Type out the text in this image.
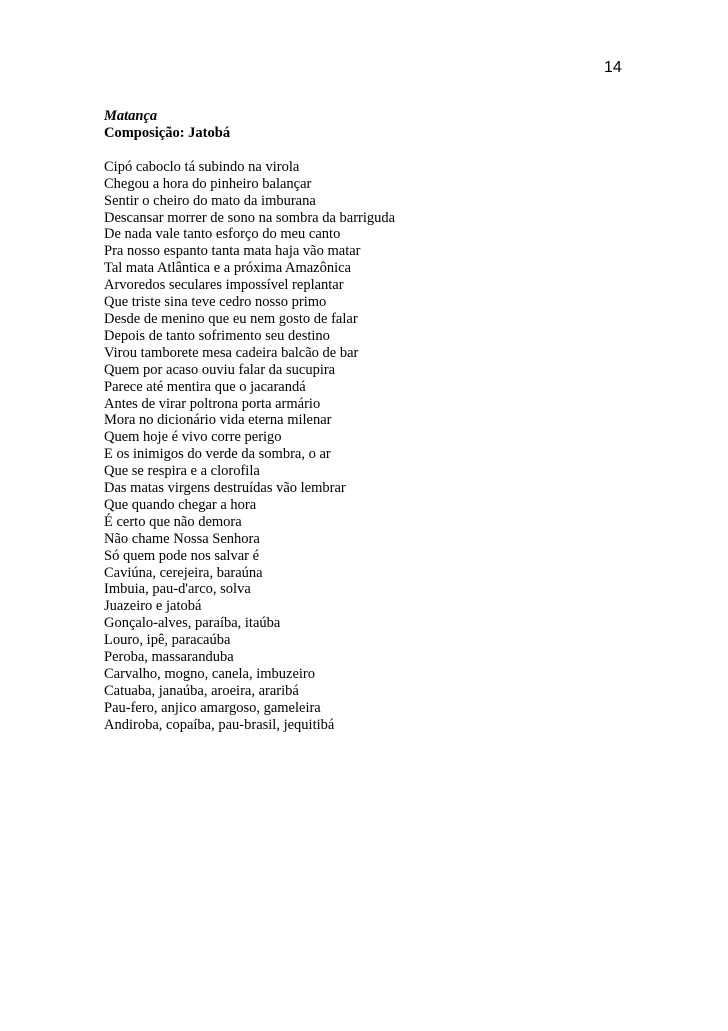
14
Matança
Composição: Jatobá
Cipó caboclo tá subindo na virola
Chegou a hora do pinheiro balançar
Sentir o cheiro do mato da imburana
Descansar morrer de sono na sombra da barriguda
De nada vale tanto esforço do meu canto
Pra nosso espanto tanta mata haja vão matar
Tal mata Atlântica e a próxima Amazônica
Arvoredos seculares impossível replantar
Que triste sina teve cedro nosso primo
Desde de menino que eu nem gosto de falar
Depois de tanto sofrimento seu destino
Virou tamborete mesa cadeira balcão de bar
Quem por acaso ouviu falar da sucupira
Parece até mentira que o jacarandá
Antes de virar poltrona porta armário
Mora no dicionário vida eterna milenar
Quem hoje é vivo corre perigo
E os inimigos do verde da sombra, o ar
Que se respira e a clorofila
Das matas virgens destruídas vão lembrar
Que quando chegar a hora
É certo que não demora
Não chame Nossa Senhora
Só quem pode nos salvar é
Caviúna, cerejeira, baraúna
Imbuia, pau-d'arco, solva
Juazeiro e jatobá
Gonçalo-alves, paraíba, itaúba
Louro, ipê, paracaúba
Peroba, massaranduba
Carvalho, mogno, canela, imbuzeiro
Catuaba, janaúba, aroeira, araribá
Pau-fero, anjico amargoso, gameleira
Andiroba, copaíba, pau-brasil, jequitibá
